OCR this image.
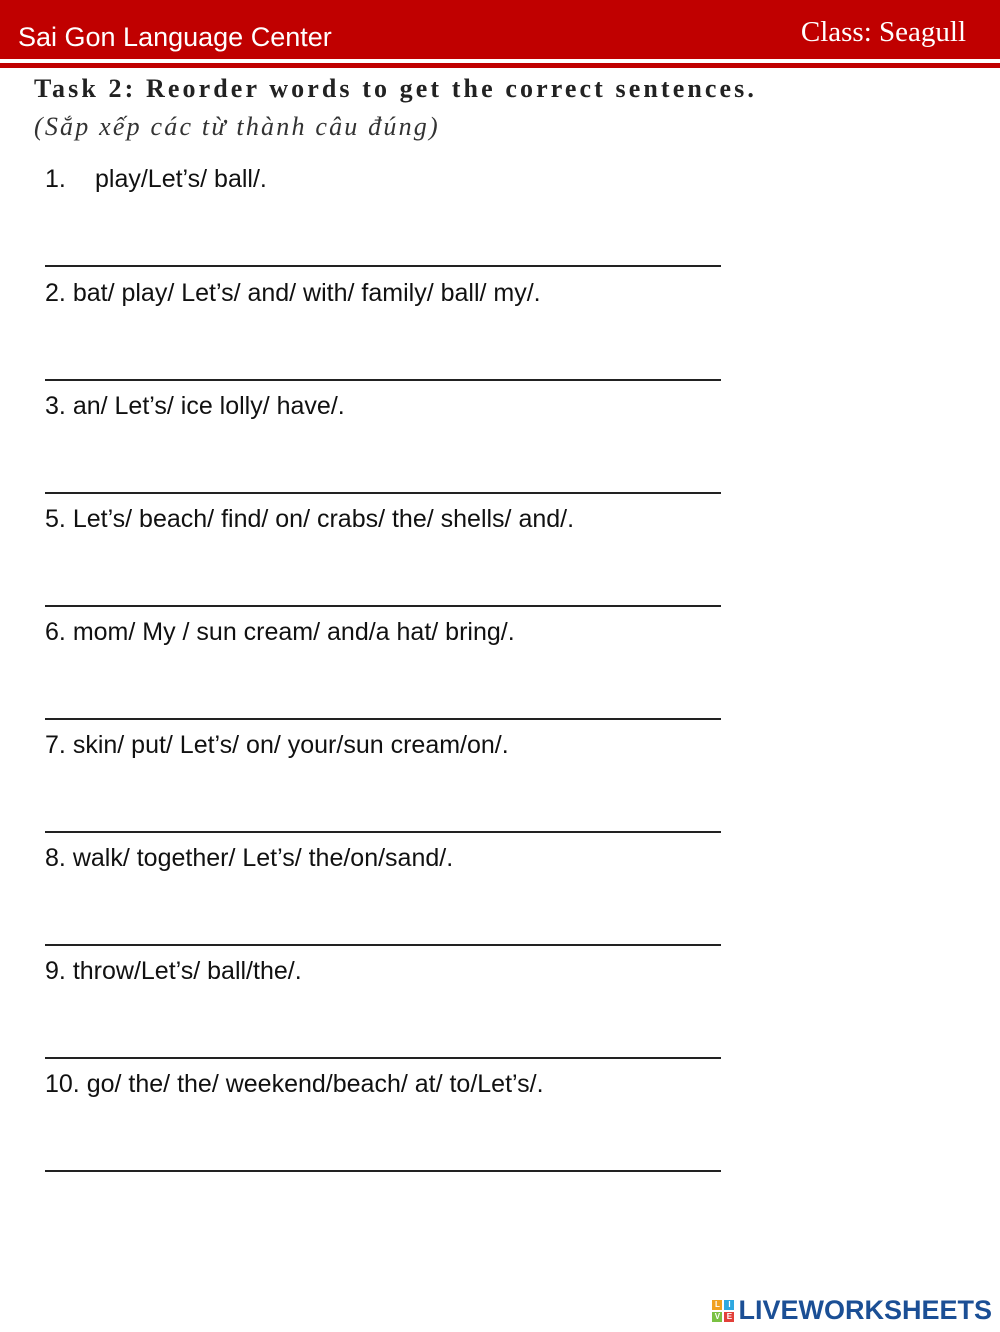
Sai Gon Language Center	Class: Seagull
Task 2: Reorder words to get the correct sentences.
(Sắp xếp các từ thành câu đúng)
1. play/Let’s/ ball/.
2. bat/ play/ Let’s/ and/ with/ family/ ball/ my/.
3. an/ Let’s/ ice lolly/ have/.
5. Let’s/ beach/ find/ on/ crabs/ the/ shells/ and/.
6. mom/ My / sun cream/ and/a hat/ bring/.
7. skin/ put/ Let’s/ on/ your/sun cream/on/.
8. walk/ together/ Let’s/ the/on/sand/.
9. throw/Let’s/ ball/the/.
10. go/ the/ the/ weekend/beach/ at/ to/Let’s/.
L	I
V E LIVEWORKSHEETS
